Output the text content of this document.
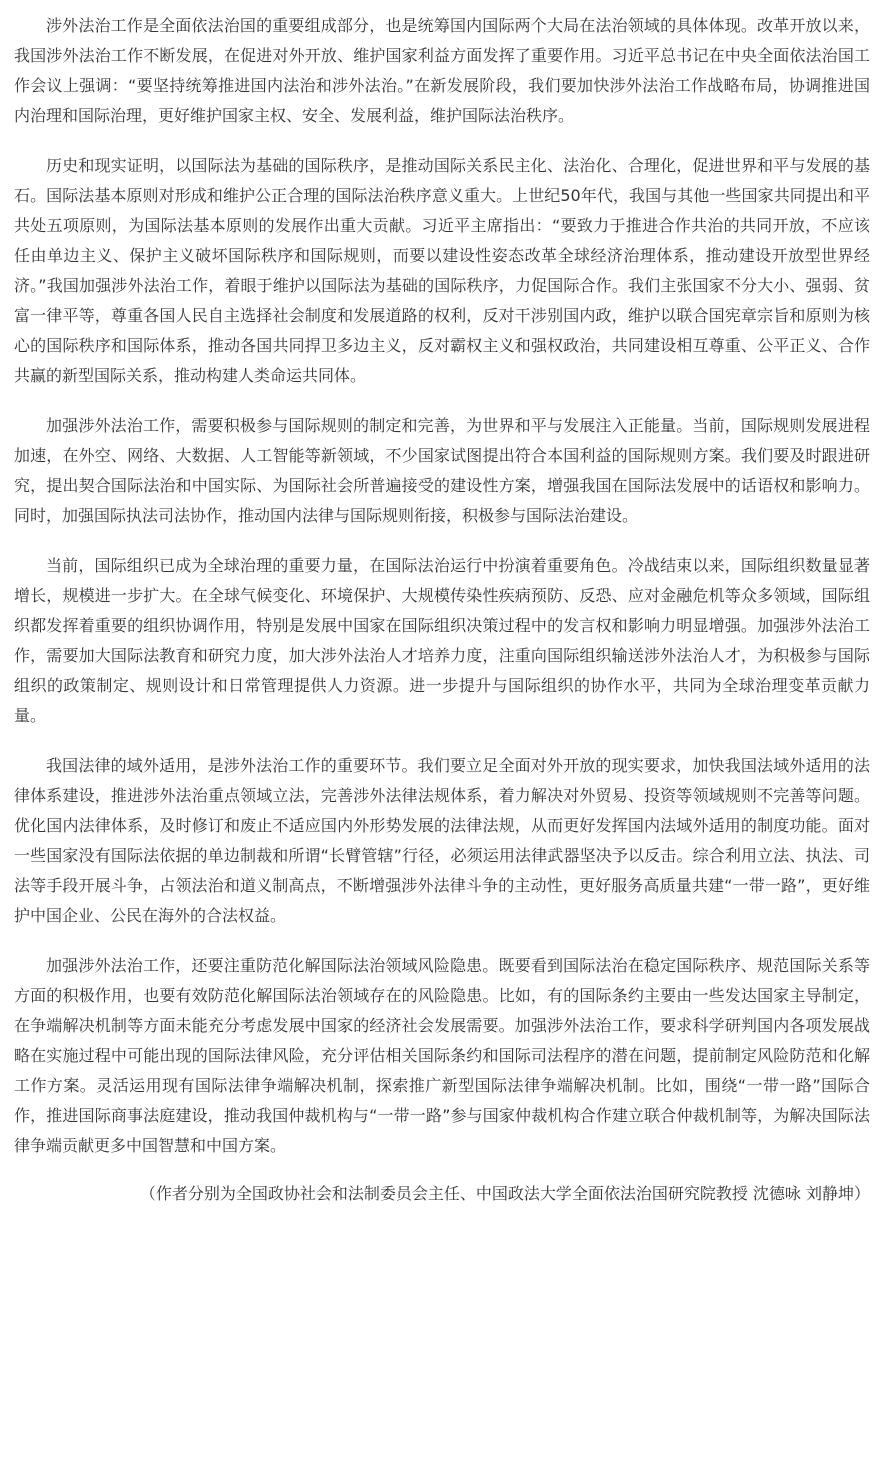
涉外法治工作是全面依法治国的重要组成部分，也是统筹国内国际两个大局在法治领域的具体体现。改革开放以来，我国涉外法治工作不断发展，在促进对外开放、维护国家利益方面发挥了重要作用。习近平总书记在中央全面依法治国工作会议上强调：“要坚持统筹推进国内法治和涉外法治。”在新发展阶段，我们要加快涉外法治工作战略布局，协调推进国内治理和国际治理，更好维护国家主权、安全、发展利益，维护国际法治秩序。

历史和现实证明，以国际法为基础的国际秩序，是推动国际关系民主化、法治化、合理化，促进世界和平与发展的基石。国际法基本原则对形成和维护公正合理的国际法治秩序意义重大。上世纪50年代，我国与其他一些国家共同提出和平共处五项原则，为国际法基本原则的发展作出重大贡献。习近平主席指出：“要致力于推进合作共治的共同开放，不应该任由单边主义、保护主义破坏国际秩序和国际规则，而要以建设性姿态改革全球经济治理体系，推动建设开放型世界经济。”我国加强涉外法治工作，着眼于维护以国际法为基础的国际秩序，力促国际合作。我们主张国家不分大小、强弱、贫富一律平等，尊重各国人民自主选择社会制度和发展道路的权利，反对干涉别国内政，维护以联合国宪章宗旨和原则为核心的国际秩序和国际体系，推动各国共同捍卫多边主义，反对霸权主义和强权政治，共同建设相互尊重、公平正义、合作共赢的新型国际关系，推动构建人类命运共同体。

加强涉外法治工作，需要积极参与国际规则的制定和完善，为世界和平与发展注入正能量。当前，国际规则发展进程加速，在外空、网络、大数据、人工智能等新领域，不少国家试图提出符合本国利益的国际规则方案。我们要及时跟进研究，提出契合国际法治和中国实际、为国际社会所普遍接受的建设性方案，增强我国在国际法发展中的话语权和影响力。同时，加强国际执法司法协作，推动国内法律与国际规则衔接，积极参与国际法治建设。

当前，国际组织已成为全球治理的重要力量，在国际法治运行中扮演着重要角色。冷战结束以来，国际组织数量显著增长，规模进一步扩大。在全球气候变化、环境保护、大规模传染性疾病预防、反恐、应对金融危机等众多领域，国际组织都发挥着重要的组织协调作用，特别是发展中国家在国际组织决策过程中的发言权和影响力明显增强。加强涉外法治工作，需要加大国际法教育和研究力度，加大涉外法治人才培养力度，注重向国际组织输送涉外法治人才，为积极参与国际组织的政策制定、规则设计和日常管理提供人力资源。进一步提升与国际组织的协作水平，共同为全球治理变革贡献力量。

我国法律的域外适用，是涉外法治工作的重要环节。我们要立足全面对外开放的现实要求，加快我国法域外适用的法律体系建设，推进涉外法治重点领域立法，完善涉外法律法规体系，着力解决对外贸易、投资等领域规则不完善等问题。优化国内法律体系，及时修订和废止不适应国内外形势发展的法律法规，从而更好发挥国内法域外适用的制度功能。面对一些国家没有国际法依据的单边制裁和所谓“长臂管辖”行径，必须运用法律武器坚决予以反击。综合利用立法、执法、司法等手段开展斗争，占领法治和道义制高点，不断增强涉外法律斗争的主动性，更好服务高质量共建“一带一路”，更好维护中国企业、公民在海外的合法权益。

加强涉外法治工作，还要注重防范化解国际法治领域风险隐患。既要看到国际法治在稳定国际秩序、规范国际关系等方面的积极作用，也要有效防范化解国际法治领域存在的风险隐患。比如，有的国际条约主要由一些发达国家主导制定，在争端解决机制等方面未能充分考虑发展中国家的经济社会发展需要。加强涉外法治工作，要求科学研判国内各项发展战略在实施过程中可能出现的国际法律风险，充分评估相关国际条约和国际司法程序的潜在问题，提前制定风险防范和化解工作方案。灵活运用现有国际法律争端解决机制，探索推广新型国际法律争端解决机制。比如，围绕“一带一路”国际合作，推进国际商事法庭建设，推动我国仲裁机构与“一带一路”参与国家仲裁机构合作建立联合仲裁机制等，为解决国际法律争端贡献更多中国智慧和中国方案。

（作者分别为全国政协社会和法制委员会主任、中国政法大学全面依法治国研究院教授 沈德咏 刘静坤）
